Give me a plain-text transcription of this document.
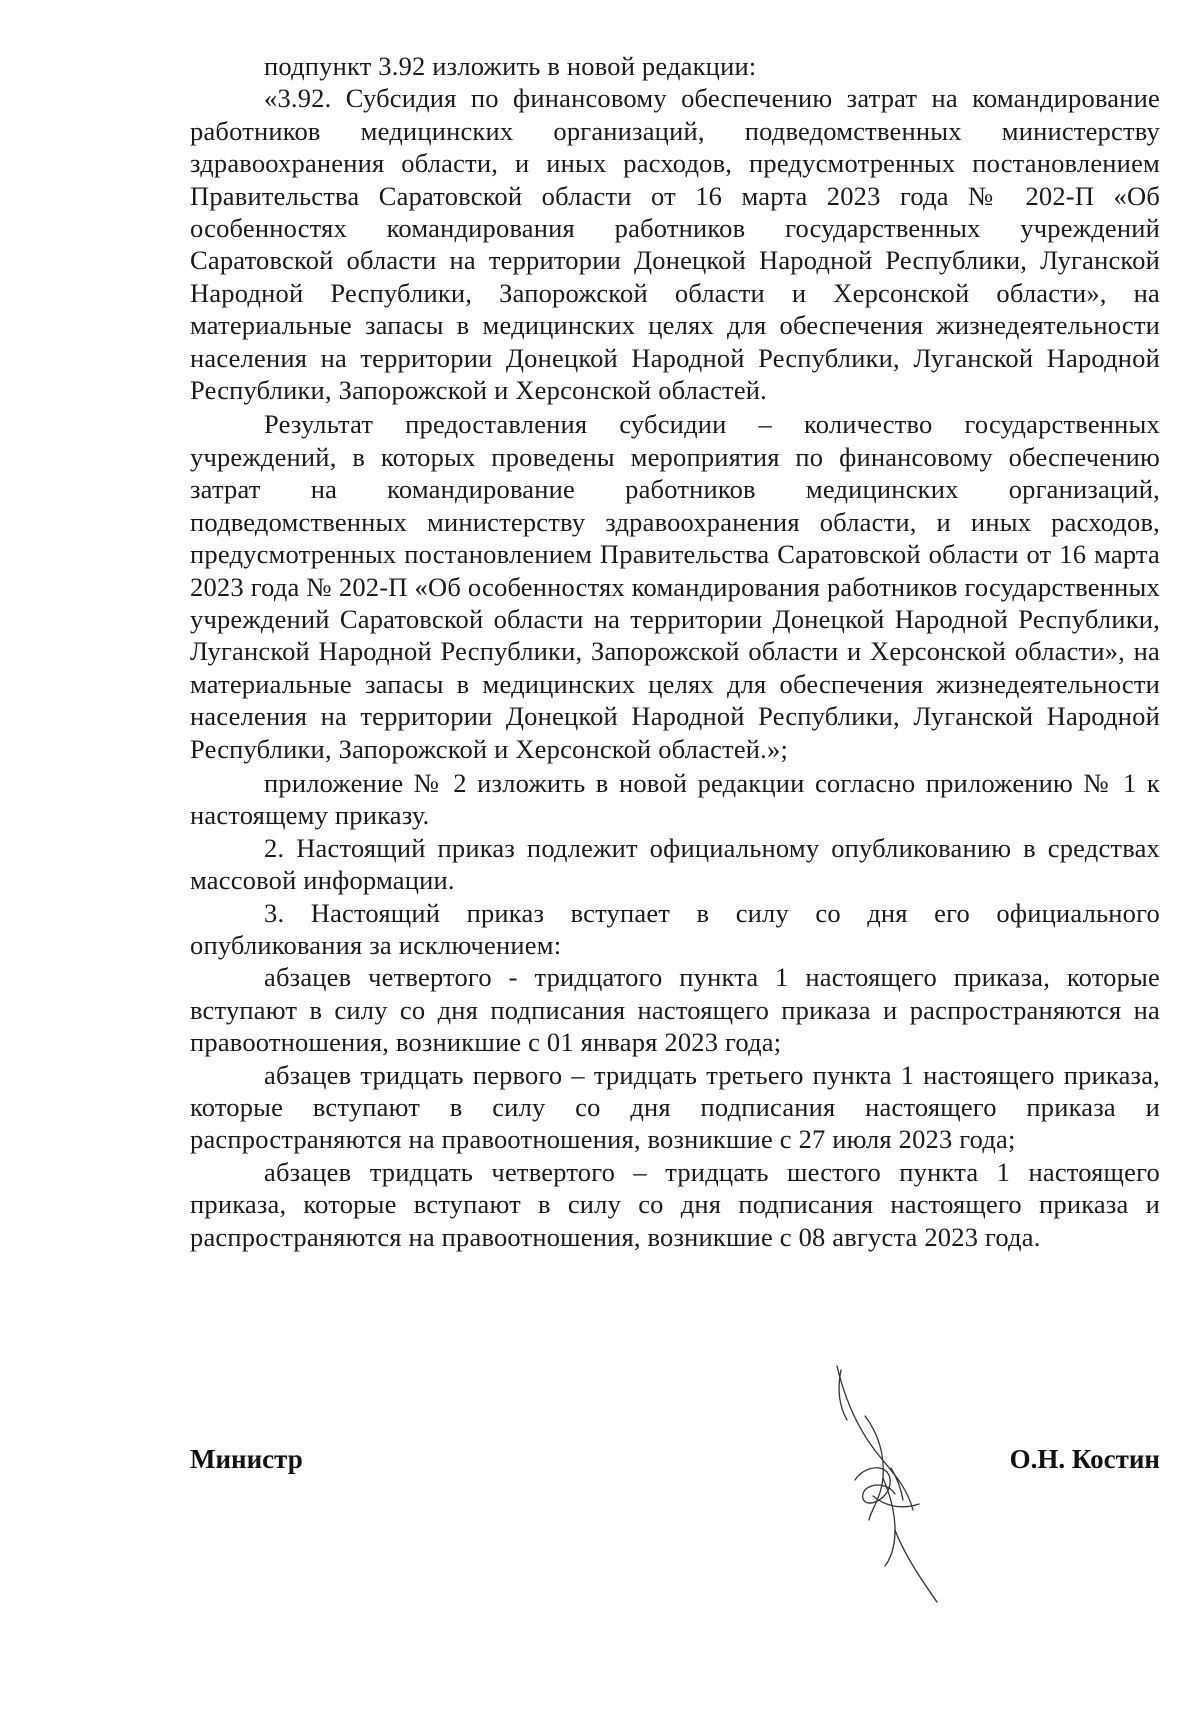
подпункт 3.92 изложить в новой редакции:

«3.92. Субсидия по финансовому обеспечению затрат на командирование работников медицинских организаций, подведомственных министерству здравоохранения области, и иных расходов, предусмотренных постановлением Правительства Саратовской области от 16 марта 2023 года № 202-П «Об особенностях командирования работников государственных учреждений Саратовской области на территории Донецкой Народной Республики, Луганской Народной Республики, Запорожской области и Херсонской области», на материальные запасы в медицинских целях для обеспечения жизнедеятельности населения на территории Донецкой Народной Республики, Луганской Народной Республики, Запорожской и Херсонской областей.

Результат предоставления субсидии – количество государственных учреждений, в которых проведены мероприятия по финансовому обеспечению затрат на командирование работников медицинских организаций, подведомственных министерству здравоохранения области, и иных расходов, предусмотренных постановлением Правительства Саратовской области от 16 марта 2023 года № 202-П «Об особенностях командирования работников государственных учреждений Саратовской области на территории Донецкой Народной Республики, Луганской Народной Республики, Запорожской области и Херсонской области», на материальные запасы в медицинских целях для обеспечения жизнедеятельности населения на территории Донецкой Народной Республики, Луганской Народной Республики, Запорожской и Херсонской областей.»;

приложение № 2 изложить в новой редакции согласно приложению № 1 к настоящему приказу.

2. Настоящий приказ подлежит официальному опубликованию в средствах массовой информации.

3. Настоящий приказ вступает в силу со дня его официального опубликования за исключением:

абзацев четвертого - тридцатого пункта 1 настоящего приказа, которые вступают в силу со дня подписания настоящего приказа и распространяются на правоотношения, возникшие с 01 января 2023 года;

абзацев тридцать первого – тридцать третьего пункта 1 настоящего приказа, которые вступают в силу со дня подписания настоящего приказа и распространяются на правоотношения, возникшие с 27 июля 2023 года;

абзацев тридцать четвертого – тридцать шестого пункта 1 настоящего приказа, которые вступают в силу со дня подписания настоящего приказа и распространяются на правоотношения, возникшие с 08 августа 2023 года.

Министр	О.Н. Костин
